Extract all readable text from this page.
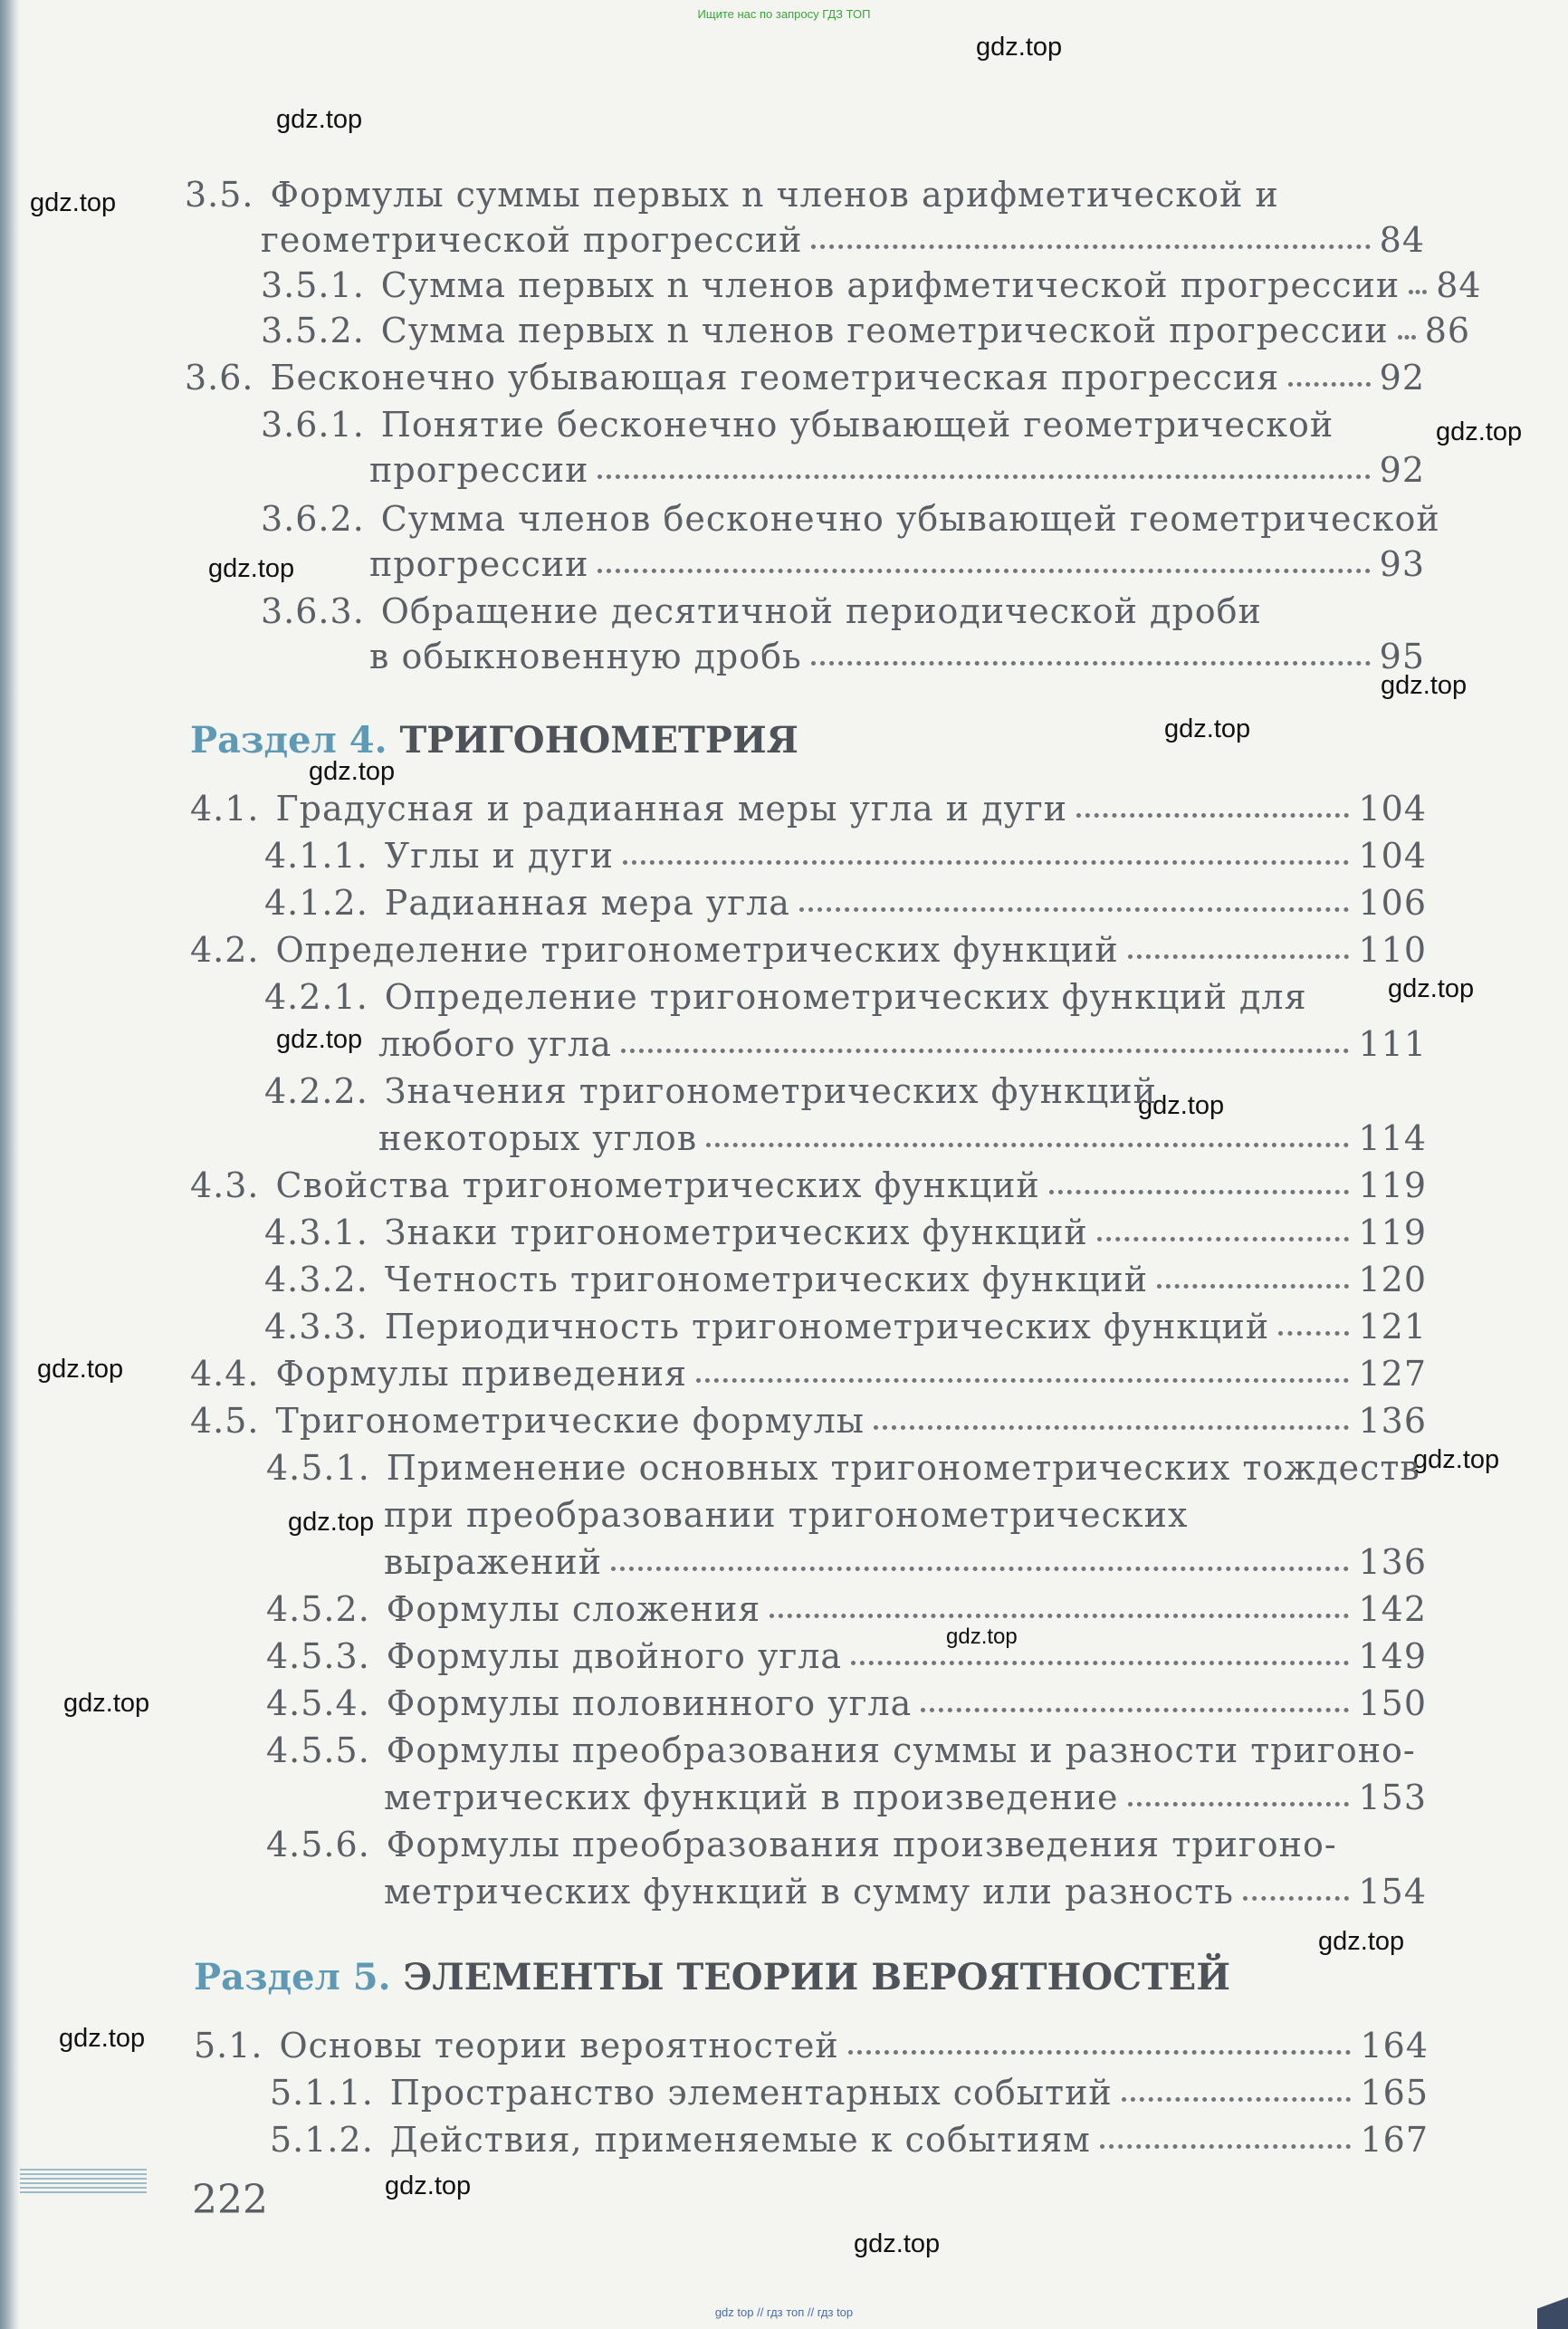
Ищите нас по запросу ГДЗ ТОП
gdz top // гдз топ // гдз top
gdz.top
gdz.top
gdz.top
gdz.top
gdz.top
gdz.top
gdz.top
gdz.top
gdz.top
gdz.top
gdz.top
gdz.top
gdz.top
gdz.top
gdz.top
gdz.top
gdz.top
gdz.top
gdz.top
gdz.top
3.5. Формулы суммы первых n членов арифметической и
геометрической прогрессий	84
3.5.1. Сумма первых n членов арифметической прогрессии 84
3.5.2. Сумма первых n членов геометрической прогрессии 86
3.6. Бесконечно убывающая геометрическая прогрессия	92
3.6.1. Понятие бесконечно убывающей геометрической
прогрессии	92
3.6.2. Сумма членов бесконечно убывающей геометрической
прогрессии	93
3.6.3. Обращение десятичной периодической дроби
в обыкновенную дробь	95
Раздел 4. ТРИГОНОМЕТРИЯ
4.1. Градусная и радианная меры угла и дуги	104
4.1.1. Углы и дуги	104
4.1.2. Радианная мера угла	106
4.2. Определение тригонометрических функций	110
4.2.1. Определение тригонометрических функций для
любого угла	111
4.2.2. Значения тригонометрических функций
некоторых углов	114
4.3. Свойства тригонометрических функций	119
4.3.1. Знаки тригонометрических функций	119
4.3.2. Четность тригонометрических функций	120
4.3.3. Периодичность тригонометрических функций	121
4.4. Формулы приведения	127
4.5. Тригонометрические формулы	136
4.5.1. Применение основных тригонометрических тождеств
при преобразовании тригонометрических
выражений	136
4.5.2. Формулы сложения	142
4.5.3. Формулы двойного угла	149
4.5.4. Формулы половинного угла	150
4.5.5. Формулы преобразования суммы и разности тригоно-
метрических функций в произведение	153
4.5.6. Формулы преобразования произведения тригоно-
метрических функций в сумму или разность	154
Раздел 5. ЭЛЕМЕНТЫ ТЕОРИИ ВЕРОЯТНОСТЕЙ
5.1. Основы теории вероятностей	164
5.1.1. Пространство элементарных событий	165
5.1.2. Действия, применяемые к событиям	167
222
